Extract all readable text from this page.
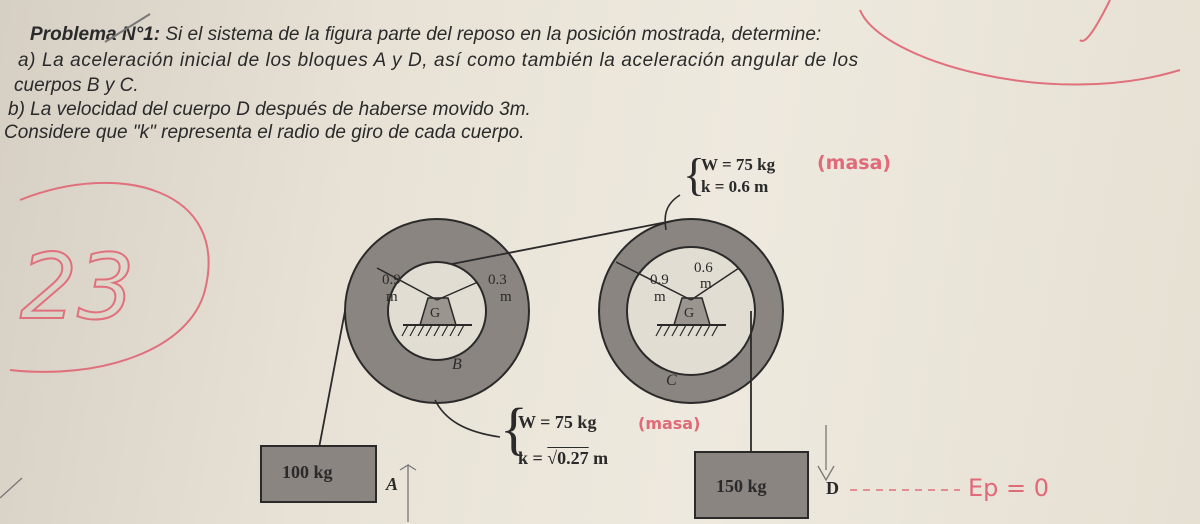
Problema N°1: Si el sistema de la figura parte del reposo en la posición mostrada, determine:
a) La aceleración inicial de los bloques A y D, así como también la aceleración angular de los
cuerpos B y C.
b) La velocidad del cuerpo D después de haberse movido 3m.
Considere que "k" representa el radio de giro de cada cuerpo.
23
{
W = 75 kg
k = 0.6 m
(masa)
{
W = 75 kg	(masa)
k = √0.27 m
0.9
m
0.3
m
G
B
0.9
m
0.6
m
G
C
100 kg
A	150 kg	D	Ep = 0
